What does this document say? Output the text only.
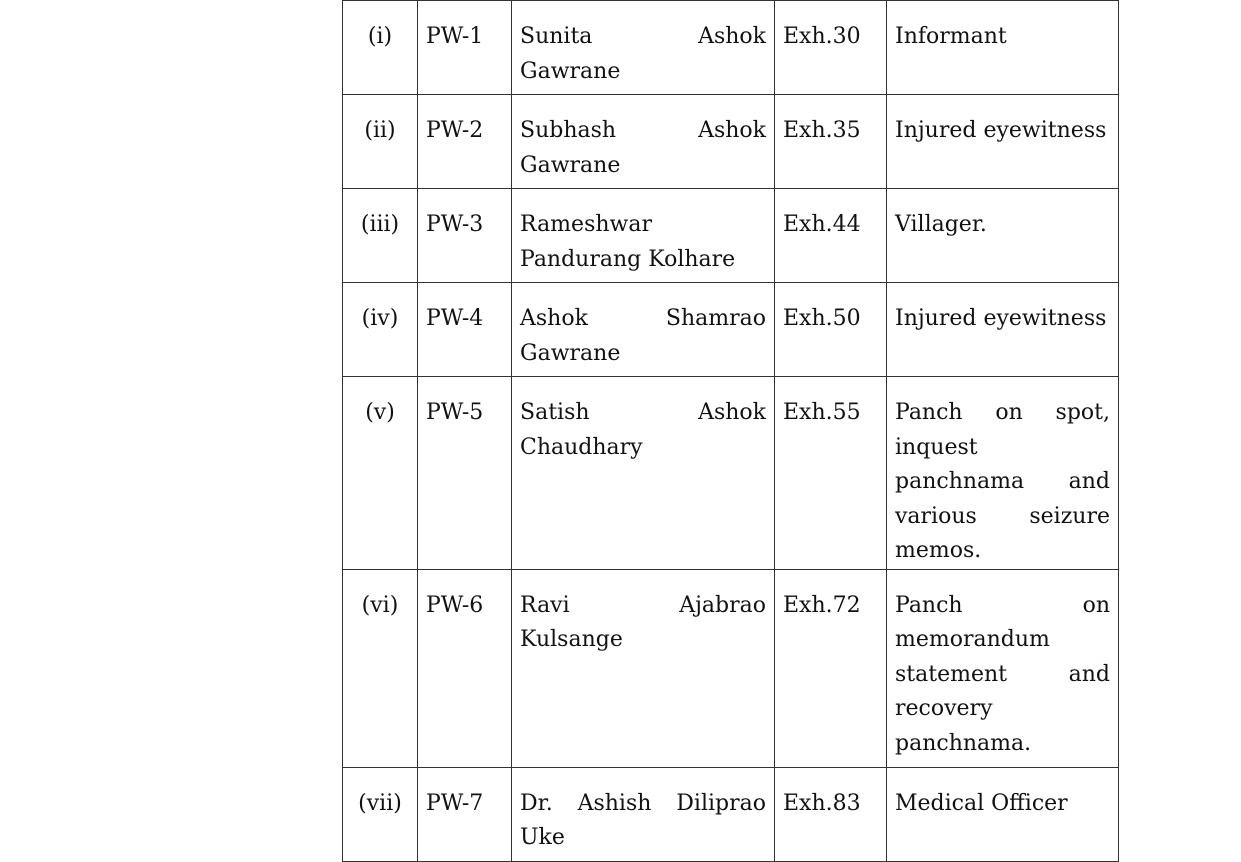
(i)	PW-1	Sunita Ashok Gawrane	Exh.30	Informant
(ii)	PW-2	Subhash Ashok Gawrane	Exh.35	Injured eyewitness
(iii)	PW-3	Rameshwar Pandurang Kolhare	Exh.44	Villager.
(iv)	PW-4	Ashok Shamrao Gawrane	Exh.50	Injured eyewitness
(v)	PW-5	Satish Ashok Chaudhary	Exh.55	Panch on spot, inquest panchnama and various seizure memos.
(vi)	PW-6	Ravi Ajabrao Kulsange	Exh.72	Panch on memorandum statement and recovery panchnama.
(vii)	PW-7	Dr. Ashish Diliprao Uke	Exh.83	Medical Officer
